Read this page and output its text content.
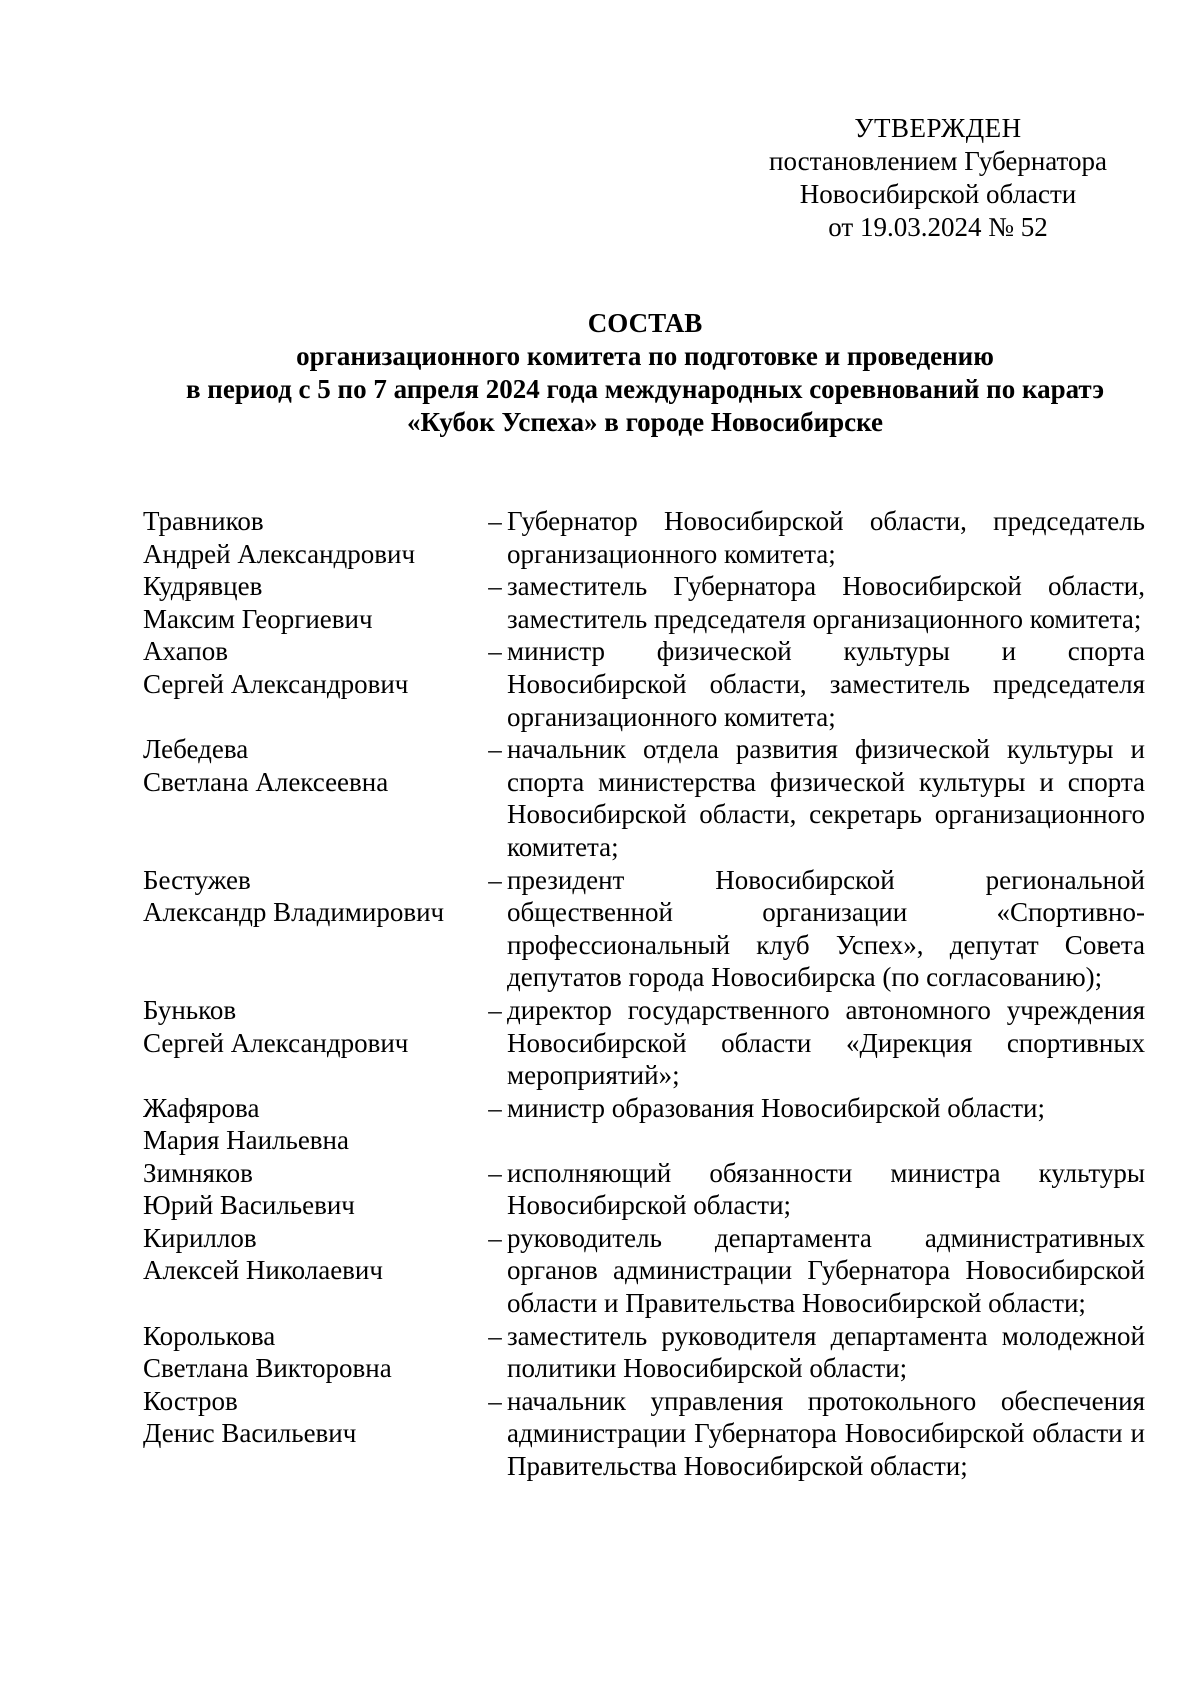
УТВЕРЖДЕН
постановлением Губернатора
Новосибирской области
от 19.03.2024 № 52
СОСТАВ
организационного комитета по подготовке и проведению
в период с 5 по 7 апреля 2024 года международных соревнований по каратэ
«Кубок Успеха» в городе Новосибирске
Травников
Андрей Александрович
– Губернатор Новосибирской области, председатель организационного комитета;
Кудрявцев
Максим Георгиевич
– заместитель Губернатора Новосибирской области, заместитель председателя организационного комитета;
Ахапов
Сергей Александрович
– министр физической культуры и спорта Новосибирской области, заместитель председателя организационного комитета;
Лебедева
Светлана Алексеевна
– начальник отдела развития физической культуры и спорта министерства физической культуры и спорта Новосибирской области, секретарь организационного комитета;
Бестужев
Александр Владимирович
– президент Новосибирской региональной общественной организации «Спортивно-профессиональный клуб Успех», депутат Совета депутатов города Новосибирска (по согласованию);
Буньков
Сергей Александрович
– директор государственного автономного учреждения Новосибирской области «Дирекция спортивных мероприятий»;
Жафярова
Мария Наильевна
– министр образования Новосибирской области;
Зимняков
Юрий Васильевич
– исполняющий обязанности министра культуры Новосибирской области;
Кириллов
Алексей Николаевич
– руководитель департамента административных органов администрации Губернатора Новосибирской области и Правительства Новосибирской области;
Королькова
Светлана Викторовна
– заместитель руководителя департамента молодежной политики Новосибирской области;
Костров
Денис Васильевич
– начальник управления протокольного обеспечения администрации Губернатора Новосибирской области и Правительства Новосибирской области;
